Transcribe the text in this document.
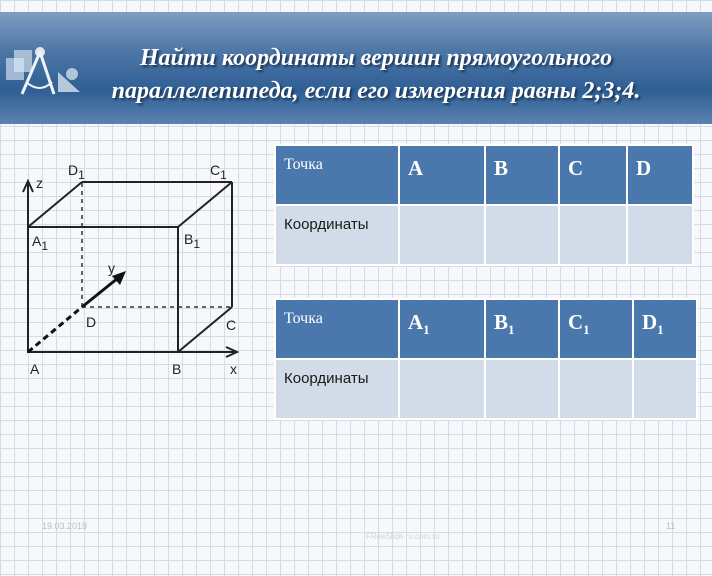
Найти координаты вершин прямоугольного
параллелепипеда, если его измерения равны 2;3;4.
z
y
x
D1	C1
A1	B1
D	C
A	B
Точка	A	B	C	D
Координаты				
Точка	$A_1$	$B_1$	$C_1$	$D_1$
Координаты				
19.03.2019
FReeSlide.ru.com.ru
11
